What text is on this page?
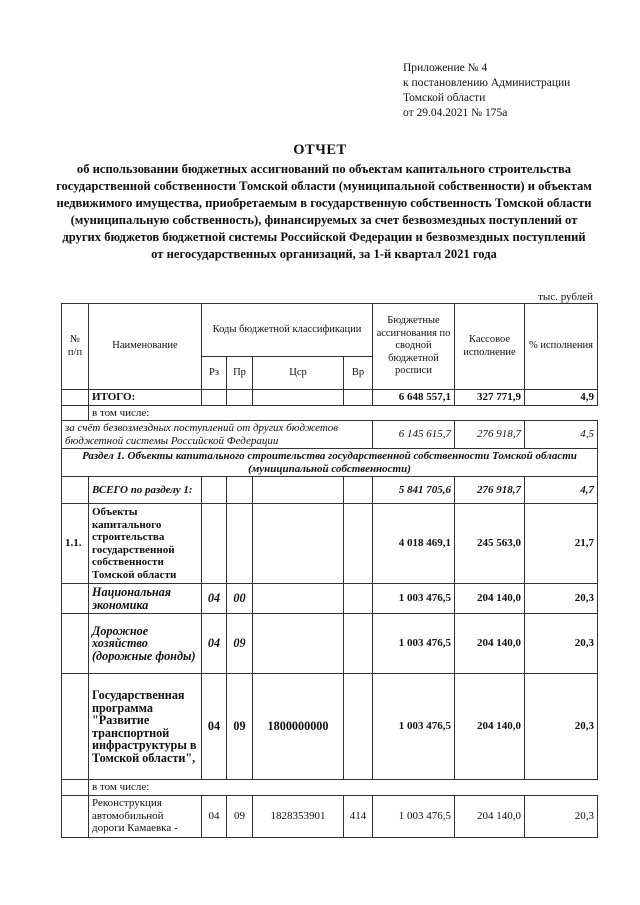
Приложение № 4
к постановлению Администрации
Томской области
от 29.04.2021 № 175а
ОТЧЕТ
об использовании бюджетных ассигнований по объектам капитального строительства государственной собственности Томской области (муниципальной собственности) и объектам недвижимого имущества, приобретаемым в государственную собственность Томской области (муниципальную собственность), финансируемых за счет безвозмездных поступлений от других бюджетов бюджетной системы Российской Федерации и безвозмездных поступлений от негосударственных организаций, за 1-й квартал 2021 года
тыс. рублей
№ п/п	Наименование	Коды бюджетной классификации				Бюджетные ассигнования по сводной бюджетной росписи	Кассовое исполнение	% исполнения
		Рз	Пр	Цср	Вр			
	ИТОГО:					6 648 557,1	327 771,9	4,9
	в том числе:							
за счёт безвозмездных поступлений от других бюджетов бюджетной системы Российской Федерации						6 145 615,7	276 918,7	4,5
Раздел 1. Объекты капитального строительства государственной собственности Томской области (муниципальной собственности)								
	ВСЕГО по разделу 1:					5 841 705,6	276 918,7	4,7
1.1.	Объекты капитального строительства государственной собственности Томской области					4 018 469,1	245 563,0	21,7
	Национальная экономика	04	00			1 003 476,5	204 140,0	20,3
	Дорожное хозяйство (дорожные фонды)	04	09			1 003 476,5	204 140,0	20,3
	Государственная программа "Развитие транспортной инфраструктуры в Томской области",	04	09	1800000000		1 003 476,5	204 140,0	20,3
	в том числе:							
	Реконструкция автомобильной дороги Камаевка -	04	09	1828353901	414	1 003 476,5	204 140,0	20,3
